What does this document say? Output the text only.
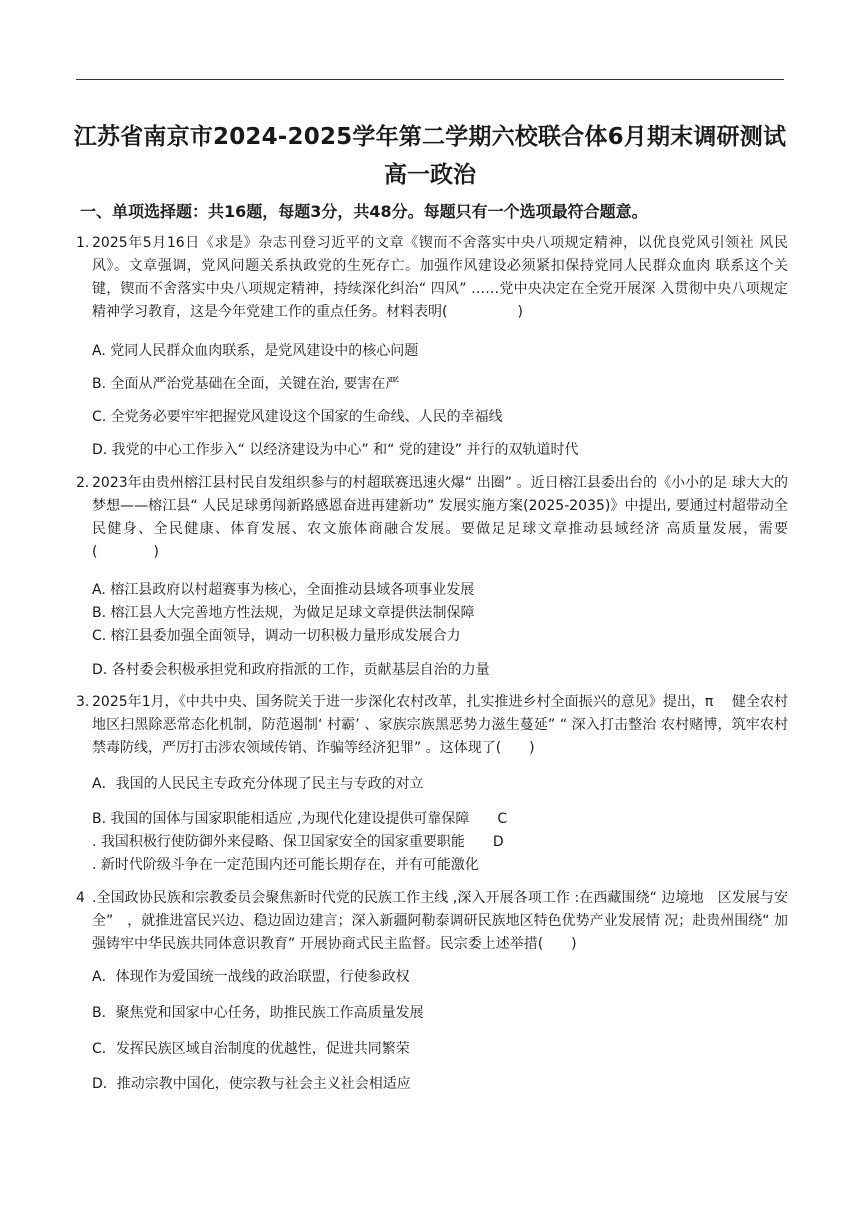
江苏省南京市2024-2025学年第二学期六校联合体6月期末调研测试
高一政治
一、单项选择题：共16题，每题3分，共48分。每题只有一个选项最符合题意。
1. 2025年5月16日《求是》杂志刊登习近平的文章《锲而不舍落实中央八项规定精神，以优良党风引领社 风民风》。文章强调，党风问题关系执政党的生死存亡。加强作风建设必须紧扣保持党同人民群众血肉 联系这个关键，锲而不舍落实中央八项规定精神，持续深化纠治“ 四风” ……党中央决定在全党开展深 入贯彻中央八项规定精神学习教育，这是今年党建工作的重点任务。材料表明(　　　　　)
A. 党同人民群众血肉联系，是党风建设中的核心问题
B. 全面从严治党基础在全面，关键在治, 要害在严
C. 全党务必要牢牢把握党风建设这个国家的生命线、人民的幸福线
D. 我党的中心工作步入“ 以经济建设为中心” 和“ 党的建设” 并行的双轨道时代
2. 2023年由贵州榕江县村民自发组织参与的村超联赛迅速火爆“ 出圈” 。近日榕江县委出台的《小小的足 球大大的梦想——榕江县“ 人民足球勇闯新路感恩奋进再建新功” 发展实施方案(2025-2035)》中提出, 要通过村超带动全民健身、全民健康、体育发展、农文旅体商融合发展。要做足足球文章推动县域经济 高质量发展，需要(　　　　)
A. 榕江县政府以村超赛事为核心，全面推动县域各项事业发展
B. 榕江县人大完善地方性法规，为做足足球文章提供法制保障
C. 榕江县委加强全面领导，调动一切积极力量形成发展合力
D. 各村委会积极承担党和政府指派的工作，贡献基层自治的力量
3. 2025年1月，《中共中央、国务院关于进一步深化农村改革，扎实推进乡村全面振兴的意见》提出，π　 健全农村地区扫黑除恶常态化机制，防范遏制‘ 村霸’ 、家族宗族黑恶势力滋生蔓延” “ 深入打击整治 农村赌博，筑牢农村禁毒防线，严厉打击涉农领域传销、诈骗等经济犯罪” 。这体现了(　　)
A．我国的人民民主专政充分体现了民主与专政的对立
B. 我国的国体与国家职能相适应 ,为现代化建设提供可靠保障　　C
. 我国积极行使防御外来侵略、保卫国家安全的国家重要职能　　D
. 新时代阶级斗争在一定范围内还可能长期存在，并有可能激化
4 .全国政协民族和宗教委员会聚焦新时代党的民族工作主线 ,深入开展各项工作 :在西藏围绕“ 边境地　区发展与安全”　，就推进富民兴边、稳边固边建言；深入新疆阿勒泰调研民族地区特色优势产业发展情 况；赴贵州围绕“ 加强铸牢中华民族共同体意识教育” 开展协商式民主监督。民宗委上述举措(　　)
A．体现作为爱国统一战线的政治联盟，行使参政权
B．聚焦党和国家中心任务，助推民族工作高质量发展
C．发挥民族区域自治制度的优越性，促进共同繁荣
D．推动宗教中国化，使宗教与社会主义社会相适应
